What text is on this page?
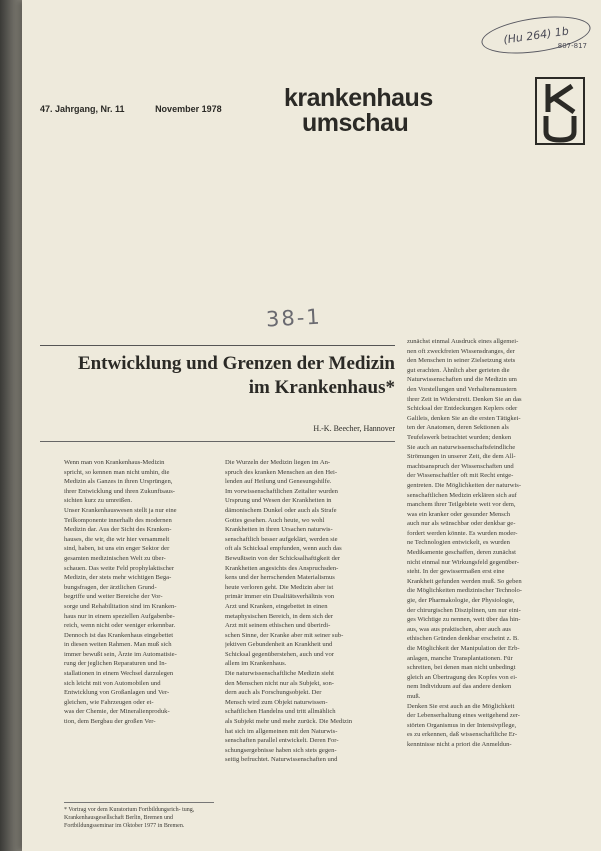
(Hu 264) 1b
807-817
47. Jahrgang, Nr. 11	November 1978	krankenhaus
umschau
38-1
Entwicklung und Grenzen der Medizin im Krankenhaus*
H.-K. Beecher, Hannover
Wenn man von Krankenhaus-Medizin
spricht, so kennen man nicht umhin, die
Medizin als Ganzes in ihren Ursprüngen,
ihrer Entwicklung und ihren Zukunftsaus-
sichten kurz zu umreißen.
Unser Krankenhauswesen stellt ja nur eine
Teilkomponente innerhalb des modernen
Medizin dar. Aus der Sicht des Kranken-
hauses, die wir, die wir hier versammelt
sind, haben, ist uns ein enger Sektor der
gesamten medizinischen Welt zu über-
schauen. Das weite Feld prophylaktischer
Medizin, der stets mehr wichtigen Bega-
bungsfragen, der ärztlichen Grund-
begriffe und weiter Bereiche der Vor-
sorge und Rehabilitation sind im Kranken-
haus nur in einem speziellen Aufgabenbe-
reich, wenn nicht oder weniger erkennbar.
Dennoch ist das Krankenhaus eingebettet
in diesen weiten Rahmen. Man muß sich
immer bewußt sein, Ärzte im Automatisie-
rung der jeglichen Reparaturen und In-
stallationen in einem Wechsel darzulegen
sich leicht mit von Automobilen und
Entwicklung von Großanlagen und Ver-
gleichen, wie Fahrzeugen oder et-
was der Chemie, der Mineralienproduk-
tion, dem Bergbau der großen Ver-
Die Wurzeln der Medizin liegen im An-
spruch des kranken Menschen an den Hei-
lenden auf Heilung und Genesungshilfe.
Im vorwissenschaftlichen Zeitalter wurden
Ursprung und Wesen der Krankheiten in
dämonischem Dunkel oder auch als Strafe
Gottes gesehen. Auch heute, wo wohl
Krankheiten in ihren Ursachen naturwis-
senschaftlich besser aufgeklärt, werden sie
oft als Schicksal empfunden, wenn auch das
Bewußtsein von der Schicksalhaftigkeit der
Krankheiten angesichts des Anspruchsden-
kens und der herrschenden Materialismus
heute verloren geht. Die Medizin aber ist
primär immer ein Dualitätsverhältnis von
Arzt und Kranken, eingebettet in einen
metaphysischen Bereich, in dem sich der
Arzt mit seinem ethischen und überirdi-
schen Sinne, der Kranke aber mit seiner sub-
jektiven Gebundenheit an Krankheit und
Schicksal gegenüberstehen, auch und vor
allem im Krankenhaus.
Die naturwissenschaftliche Medizin sieht
den Menschen nicht nur als Subjekt, son-
dern auch als Forschungsobjekt. Der
Mensch wird zum Objekt naturwissen-
schaftlichen Handelns und tritt allmählich
als Subjekt mehr und mehr zurück. Die Medizin
hat sich im allgemeinen mit den Naturwis-
senschaften parallel entwickelt. Deren For-
schungsergebnisse haben sich stets gegen-
seitig befruchtet. Naturwissenschaften und
zunächst einmal Ausdruck eines allgemei-
nen oft zweckfreien Wissensdranges, der
den Menschen in seiner Zielsetzung stets
gut erachten. Ähnlich aber gerieten die
Naturwissenschaften und die Medizin um
den Vorstellungen und Verhaltensmustern
ihrer Zeit in Widerstreit. Denken Sie an das
Schicksal der Entdeckungen Keplers oder
Galileis, denken Sie an die ersten Tätigkei-
ten der Anatomen, deren Sektionen als
Teufelswerk betrachtet wurden; denken
Sie auch an naturwissenschaftsfeindliche
Strömungen in unserer Zeit, die dem All-
machtsanspruch der Wissenschaften und
der Wissenschaftler oft mit Recht entge-
gentreten. Die Möglichkeiten der naturwis-
senschaftlichen Medizin erklären sich auf
manchem ihrer Teilgebiete weit vor dem,
was ein kranker oder gesunder Mensch
auch nur als wünschbar oder denkbar ge-
fordert werden könnte. Es wurden moder-
ne Technologien entwickelt, es wurden
Medikamente geschaffen, deren zunächst
nicht einmal nur Wirkungsfeld gegenüber-
steht. In der gewissermaßen erst eine
Krankheit gefunden werden muß. So geben
die Möglichkeiten medizinischer Technolo-
gie, der Pharmakologie, der Physiologie,
der chirurgischen Disziplinen, um nur eini-
ges Wichtige zu nennen, weit über das hin-
aus, was aus praktischen, aber auch aus
ethischen Gründen denkbar erscheint z. B.
die Möglichkeit der Manipulation der Erb-
anlagen, manche Transplantationen. Für
schreiten, bei denen man nicht unbedingt
gleich an Übertragung des Kopfes von ei-
nem Individuum auf das andere denken
muß.
Denken Sie erst auch an die Möglichkeit
der Lebenserhaltung eines weitgehend zer-
störten Organismus in der Intensivpflege,
es zu erkennen, daß wissenschaftliche Er-
kenntnisse nicht a priori die Anmeldun-
* Vortrag vor dem Kuratorium Fortbildungsrich- tung, Krankenhausgesellschaft Berlin, Bremen und Fortbildungsseminar im Oktober 1977 in Bremen.
